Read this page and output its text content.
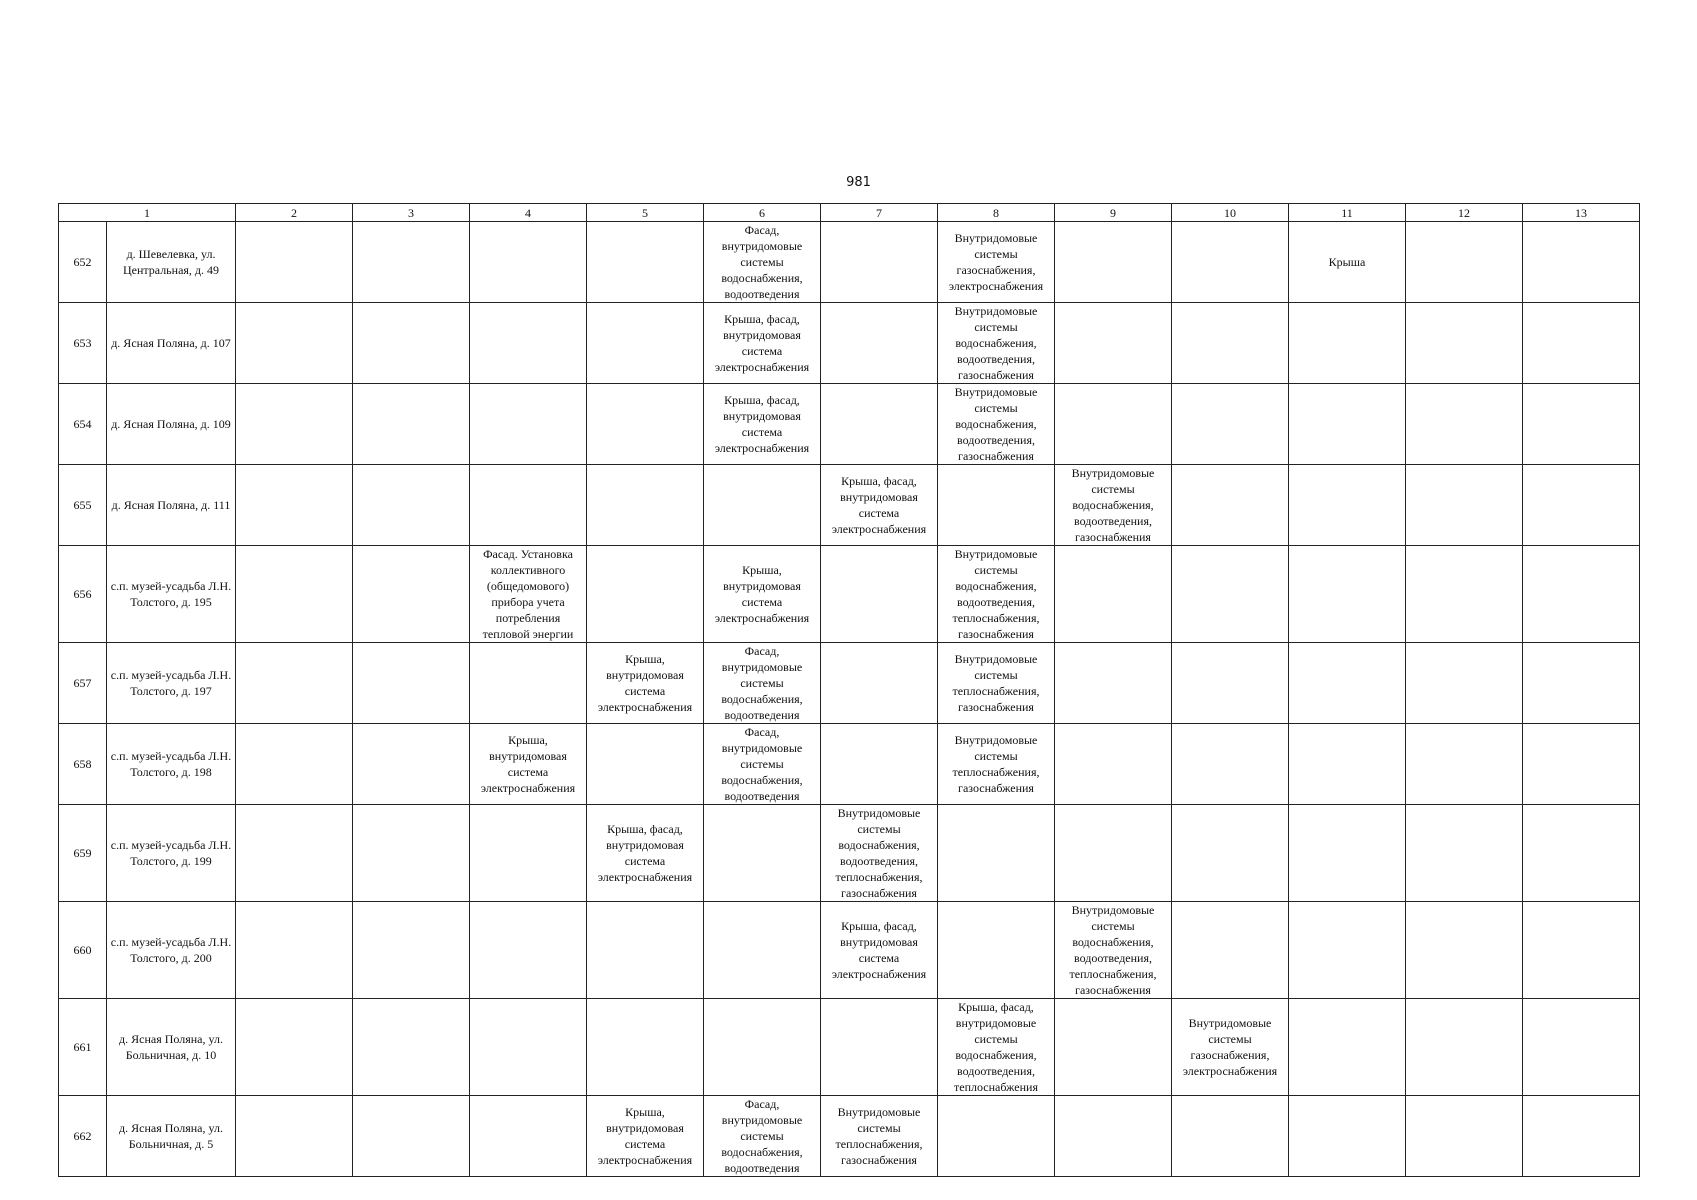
981
1		2	3	4	5	6	7	8	9	10	11	12	13
652	д. Шевелевка, ул. Центральная, д. 49					Фасад, внутридомовые системы водоснабжения, водоотведения		Внутридомовые системы газоснабжения, электроснабжения			Крыша		
653	д. Ясная Поляна, д. 107					Крыша, фасад, внутридомовая система электроснабжения		Внутридомовые системы водоснабжения, водоотведения, газоснабжения					
654	д. Ясная Поляна, д. 109					Крыша, фасад, внутридомовая система электроснабжения		Внутридомовые системы водоснабжения, водоотведения, газоснабжения					
655	д. Ясная Поляна, д. 111						Крыша, фасад, внутридомовая система электроснабжения		Внутридомовые системы водоснабжения, водоотведения, газоснабжения				
656	с.п. музей-усадьба Л.Н. Толстого, д. 195			Фасад. Установка коллективного (общедомового) прибора учета потребления тепловой энергии		Крыша, внутридомовая система электроснабжения		Внутридомовые системы водоснабжения, водоотведения, теплоснабжения, газоснабжения					
657	с.п. музей-усадьба Л.Н. Толстого, д. 197				Крыша, внутридомовая система электроснабжения	Фасад, внутридомовые системы водоснабжения, водоотведения		Внутридомовые системы теплоснабжения, газоснабжения					
658	с.п. музей-усадьба Л.Н. Толстого, д. 198			Крыша, внутридомовая система электроснабжения		Фасад, внутридомовые системы водоснабжения, водоотведения		Внутридомовые системы теплоснабжения, газоснабжения					
659	с.п. музей-усадьба Л.Н. Толстого, д. 199				Крыша, фасад, внутридомовая система электроснабжения		Внутридомовые системы водоснабжения, водоотведения, теплоснабжения, газоснабжения						
660	с.п. музей-усадьба Л.Н. Толстого, д. 200						Крыша, фасад, внутридомовая система электроснабжения		Внутридомовые системы водоснабжения, водоотведения, теплоснабжения, газоснабжения				
661	д. Ясная Поляна, ул. Больничная, д. 10							Крыша, фасад, внутридомовые системы водоснабжения, водоотведения, теплоснабжения		Внутридомовые системы газоснабжения, электроснабжения			
662	д. Ясная Поляна, ул. Больничная, д. 5				Крыша, внутридомовая система электроснабжения	Фасад, внутридомовые системы водоснабжения, водоотведения	Внутридомовые системы теплоснабжения, газоснабжения						
